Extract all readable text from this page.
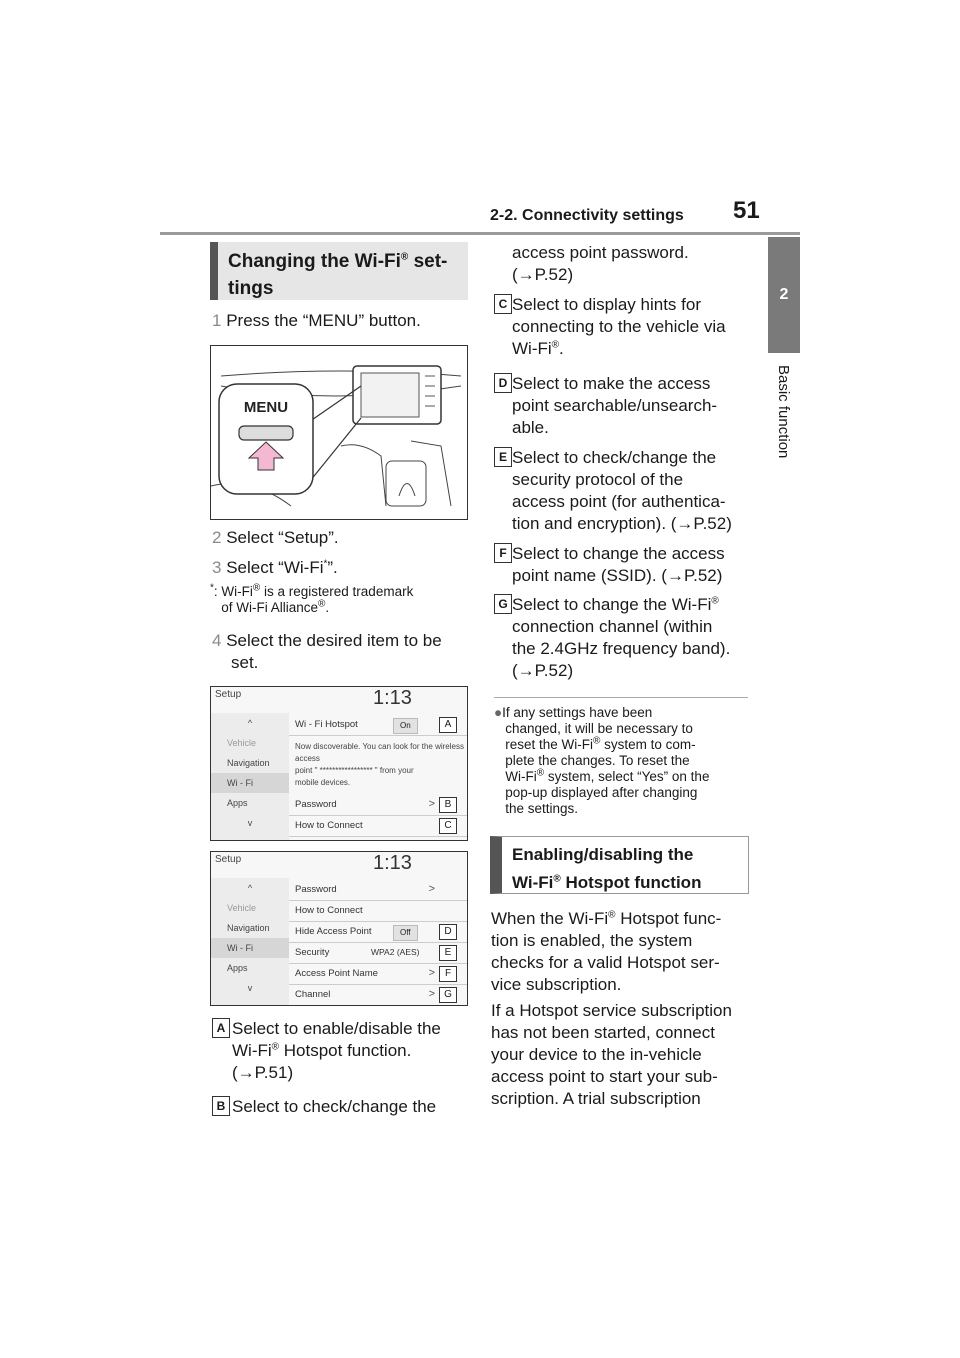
2-2. Connectivity settings 51
2
Basic function
Changing the Wi-Fi® set-
tings
1 Press the “MENU” button.
MENU
2 Select “Setup”.
3 Select “Wi-Fi*”.
*: Wi-Fi® is a registered trademark
of Wi-Fi Alliance®.
4 Select the desired item to be
set.
Setup	1:13
^
Vehicle
Navigation
Wi - Fi
Apps
v
Wi - Fi Hotspot	On
Now discoverable. You can look for the wireless access
point " ***************** " from your
mobile devices.
Password	>
How to Connect
A
B
C
Setup	1:13
^
Vehicle
Navigation
Wi - Fi
Apps
v
Password	>
How to Connect
Hide Access Point	Off
Security	WPA2 (AES)
Access Point Name	>
Channel	>
D
E
F
G
A Select to enable/disable the
Wi-Fi® Hotspot function.
(→P.51)
B Select to check/change the
access point password.
(→P.52)
C Select to display hints for
connecting to the vehicle via
Wi-Fi®.
D Select to make the access
point searchable/unsearch-
able.
E Select to check/change the
security protocol of the
access point (for authentica-
tion and encryption). (→P.52)
F Select to change the access
point name (SSID). (→P.52)
G Select to change the Wi-Fi®
connection channel (within
the 2.4GHz frequency band).
(→P.52)
●If any settings have been
changed, it will be necessary to
reset the Wi-Fi® system to com-
plete the changes. To reset the
Wi-Fi® system, select “Yes” on the
pop-up displayed after changing
the settings.
Enabling/disabling the
Wi-Fi® Hotspot function
When the Wi-Fi® Hotspot func-
tion is enabled, the system
checks for a valid Hotspot ser-
vice subscription.
If a Hotspot service subscription
has not been started, connect
your device to the in-vehicle
access point to start your sub-
scription. A trial subscription
